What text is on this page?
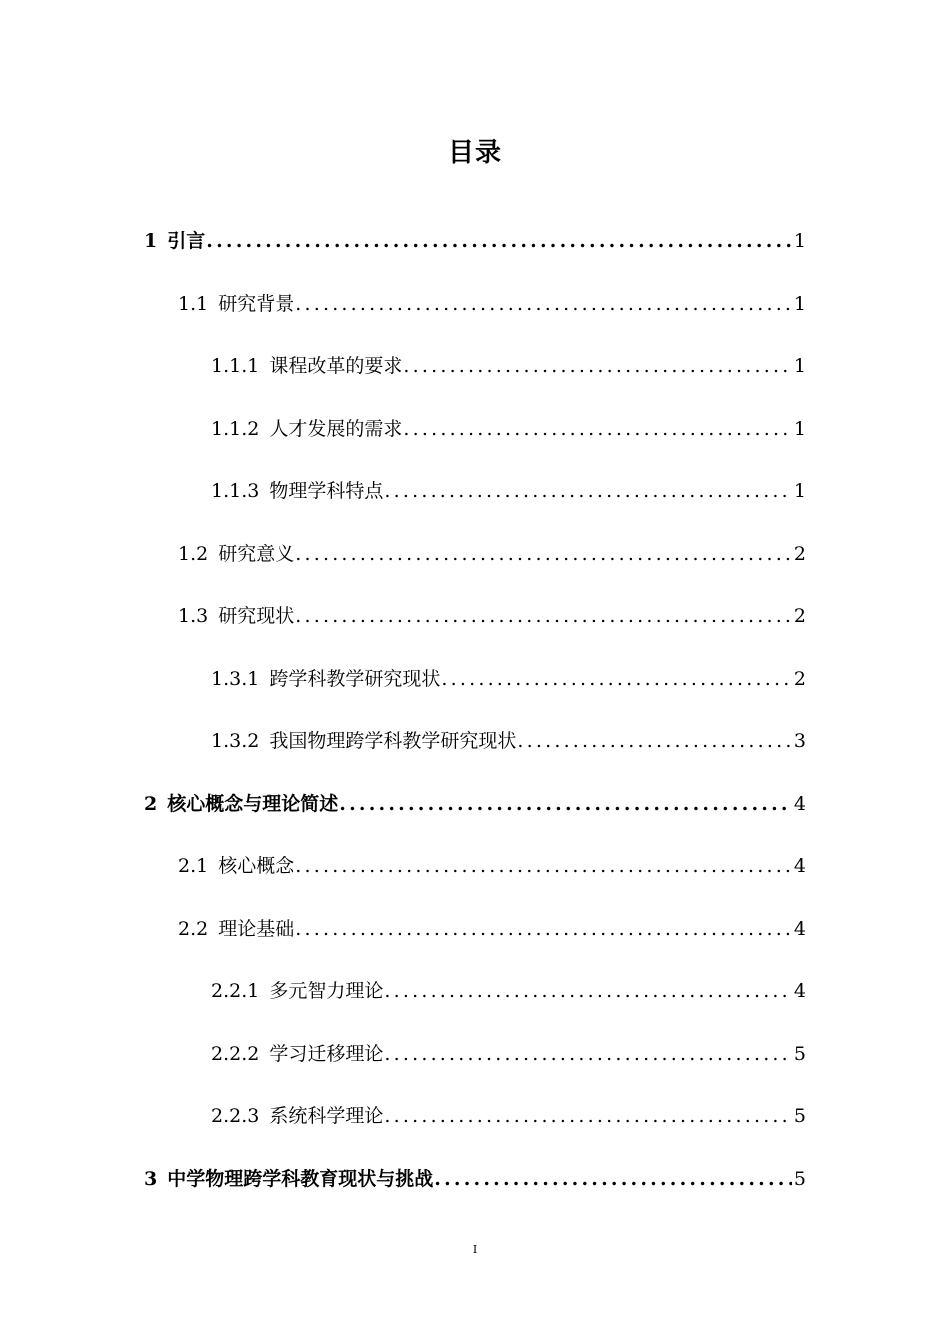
目录
1 引言 .....	1
1.1 研究背景 .....	1
1.1.1 课程改革的要求 .....	1
1.1.2 人才发展的需求 .....	1
1.1.3 物理学科特点 .....	1
1.2 研究意义 .....	2
1.3 研究现状 .....	2
1.3.1 跨学科教学研究现状 .....	2
1.3.2 我国物理跨学科教学研究现状 .....	3
2 核心概念与理论简述 .....	4
2.1 核心概念 .....	4
2.2 理论基础 .....	4
2.2.1 多元智力理论 .....	4
2.2.2 学习迁移理论 .....	5
2.2.3 系统科学理论 .....	5
3 中学物理跨学科教育现状与挑战 .....	5
I
